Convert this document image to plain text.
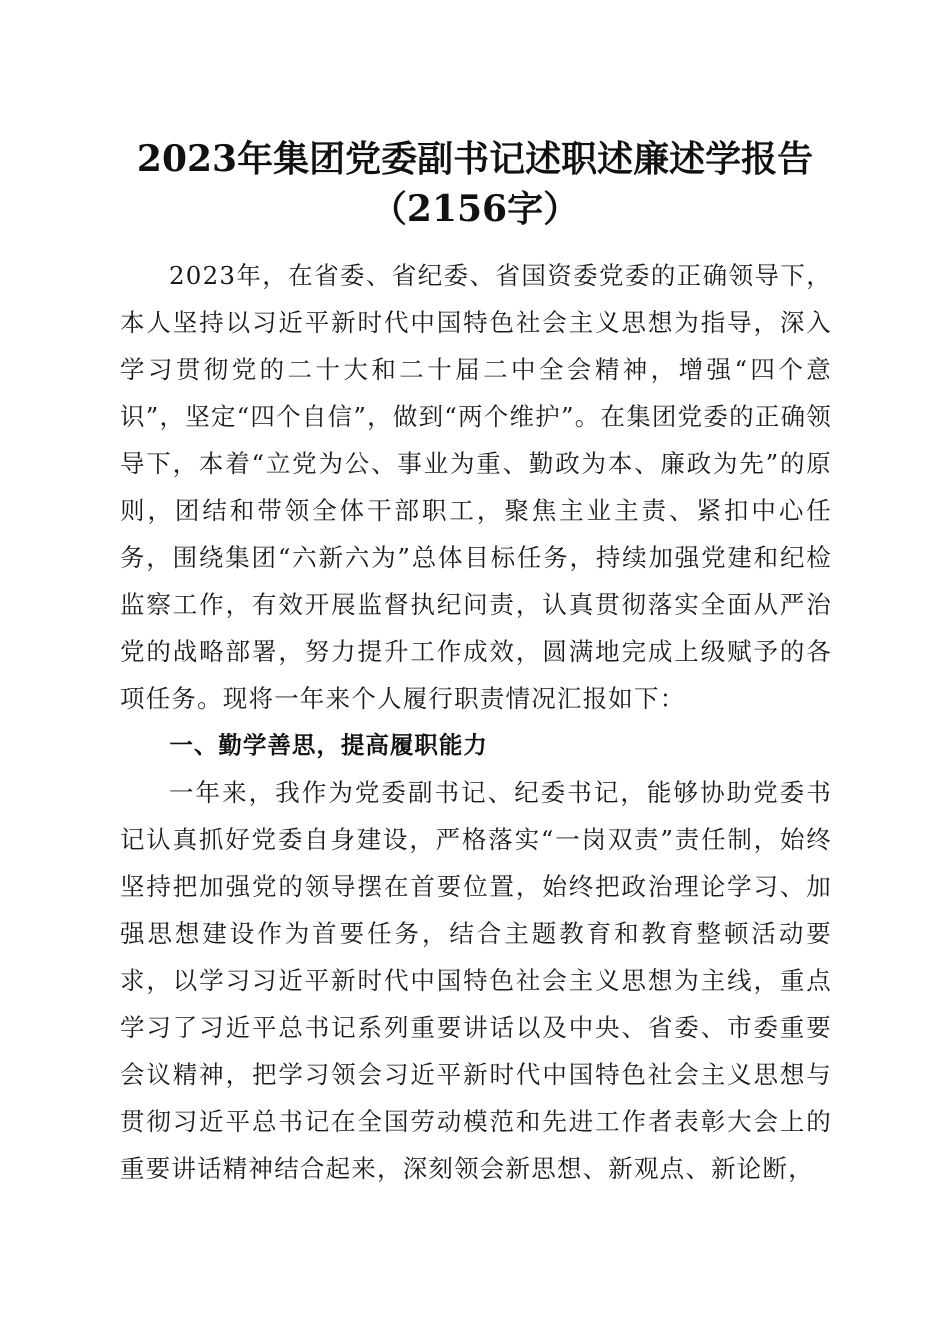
2023年集团党委副书记述职述廉述学报告
（2156字）

2023年，在省委、省纪委、省国资委党委的正确领导下，本人坚持以习近平新时代中国特色社会主义思想为指导，深入学习贯彻党的二十大和二十届二中全会精神，增强“四个意识”，坚定“四个自信”，做到“两个维护”。在集团党委的正确领导下，本着“立党为公、事业为重、勤政为本、廉政为先”的原则，团结和带领全体干部职工，聚焦主业主责、紧扣中心任务，围绕集团“六新六为”总体目标任务，持续加强党建和纪检监察工作，有效开展监督执纪问责，认真贯彻落实全面从严治党的战略部署，努力提升工作成效，圆满地完成上级赋予的各项任务。现将一年来个人履行职责情况汇报如下：

一、勤学善思，提高履职能力

一年来，我作为党委副书记、纪委书记，能够协助党委书记认真抓好党委自身建设，严格落实“一岗双责”责任制，始终坚持把加强党的领导摆在首要位置，始终把政治理论学习、加强思想建设作为首要任务，结合主题教育和教育整顿活动要求，以学习习近平新时代中国特色社会主义思想为主线，重点学习了习近平总书记系列重要讲话以及中央、省委、市委重要会议精神，把学习领会习近平新时代中国特色社会主义思想与贯彻习近平总书记在全国劳动模范和先进工作者表彰大会上的重要讲话精神结合起来，深刻领会新思想、新观点、新论断，
